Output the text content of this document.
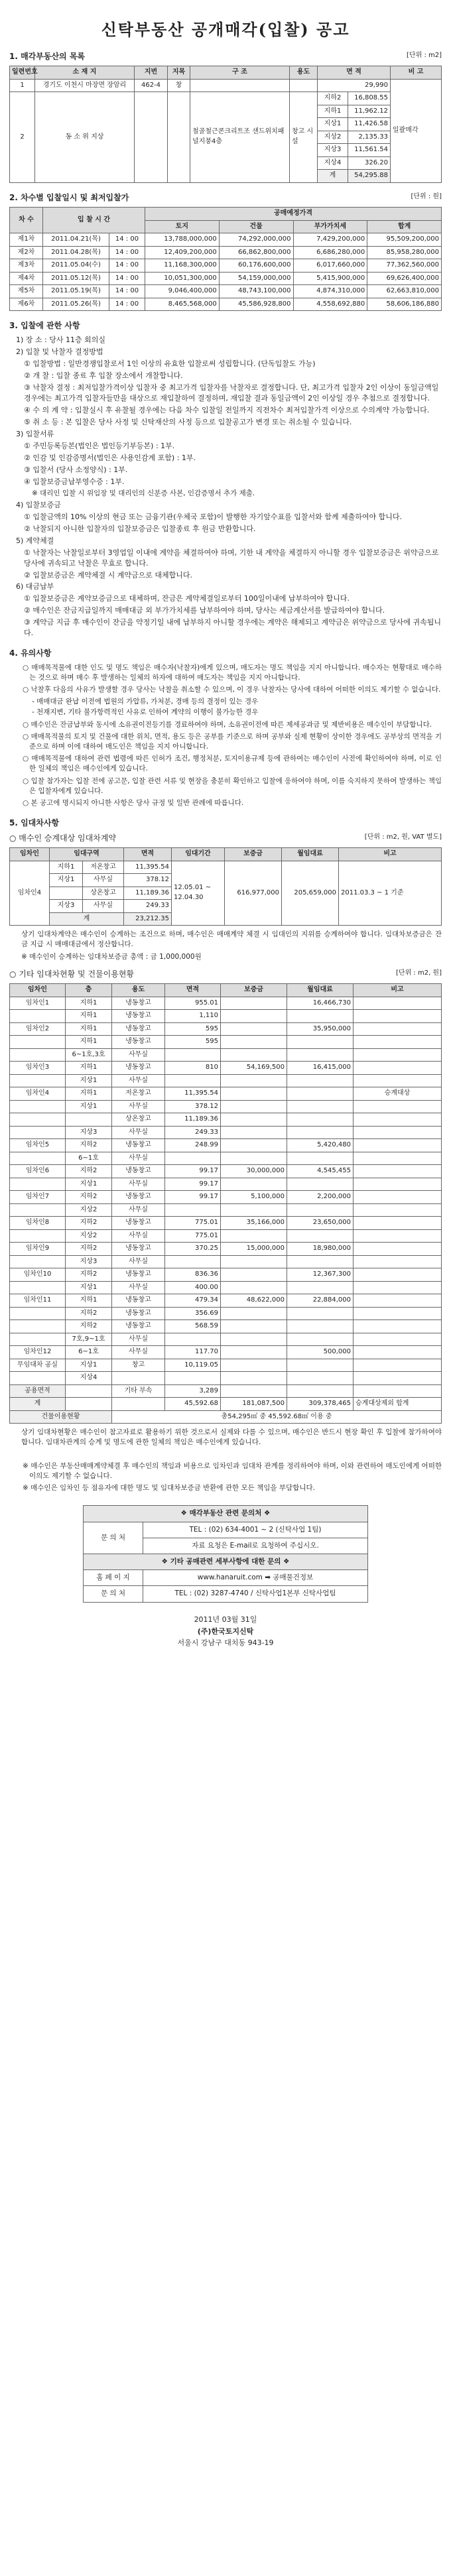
신탁부동산 공개매각(입찰) 공고
1. 매각부동산의 목록	[단위 : m2]
일련번호	소 재 지	지번	지목	구 조	용도	면 적		비 고
1	경기도 이천시 마장면 장암리	462-4	창			29,990		일괄매각
2	동 소 위 지상			철골철근콘크리트조 샌드위치패널지붕4층	창고 시설	지하2	16,808.55	
						지하1	11,962.12	
						지상1	11,426.58	
						지상2	2,135.33	
						지상3	11,561.54	
						지상4	326.20	
						계	54,295.88	
2. 차수별 입찰일시 및 최저입찰가	[단위 : 원]
차 수	입 찰 시 간		공매예정가격			
			토지	건물	부가가치세	합계
제1차	2011.04.21(목)	14 : 00	13,788,000,000	74,292,000,000	7,429,200,000	95,509,200,000
제2차	2011.04.28(목)	14 : 00	12,409,200,000	66,862,800,000	6,686,280,000	85,958,280,000
제3차	2011.05.04(수)	14 : 00	11,168,300,000	60,176,600,000	6,017,660,000	77,362,560,000
제4차	2011.05.12(목)	14 : 00	10,051,300,000	54,159,000,000	5,415,900,000	69,626,400,000
제5차	2011.05.19(목)	14 : 00	9,046,400,000	48,743,100,000	4,874,310,000	62,663,810,000
제6차	2011.05.26(목)	14 : 00	8,465,568,000	45,586,928,800	4,558,692,880	58,606,186,880
3. 입찰에 관한 사항
1) 장 소 : 당사 11층 회의실
2) 입찰 및 낙찰자 결정방법
① 입찰방법 : 일반경쟁입찰로서 1인 이상의 유효한 입찰로써 성립합니다. (단독입찰도 가능)
② 개 찰 : 입찰 종료 후 입찰 장소에서 개찰합니다.
③ 낙찰자 결정 : 최저입찰가격이상 입찰자 중 최고가격 입찰자를 낙찰자로 결정합니다. 단, 최고가격 입찰자 2인 이상이 동일금액일 경우에는 최고가격 입찰자들만을 대상으로 재입찰하여 결정하며, 재입찰 결과 동일금액이 2인 이상일 경우 추첨으로 결정합니다.
④ 수 의 계 약 : 입찰실시 후 유찰될 경우에는 다음 차수 입찰일 전일까지 직전차수 최저입찰가격 이상으로 수의계약 가능합니다.
⑤ 취 소 등 : 본 입찰은 당사 사정 및 신탁재산의 사정 등으로 입찰공고가 변경 또는 취소될 수 있습니다.
3) 입찰서류
① 주민등록등본(법인은 법인등기부등본) : 1부.
② 인감 및 인감증명서(법인은 사용인감계 포함) : 1부.
③ 입찰서 (당사 소정양식) : 1부.
④ 입찰보증금납부영수증 : 1부.
※ 대리인 입찰 시 위임장 및 대리인의 신분증 사본, 인감증명서 추가 제출.
4) 입찰보증금
① 입찰금액의 10% 이상의 현금 또는 금융기관(우체국 포함)이 발행한 자기앞수표를 입찰서와 함께 제출하여야 합니다.
② 낙찰되지 아니한 입찰자의 입찰보증금은 입찰종료 후 원금 반환합니다.
5) 계약체결
① 낙찰자는 낙찰일로부터 3영업일 이내에 계약을 체결하여야 하며, 기한 내 계약을 체결하지 아니할 경우 입찰보증금은 위약금으로 당사에 귀속되고 낙찰은 무효로 합니다.
② 입찰보증금은 계약체결 시 계약금으로 대체합니다.
6) 대금납부
① 입찰보증금은 계약보증금으로 대체하며, 잔금은 계약체결일로부터 100일이내에 납부하여야 합니다.
② 매수인은 잔금지급일까지 매매대금 외 부가가치세를 납부하여야 하며, 당사는 세금계산서를 발급하여야 합니다.
③ 계약금 지급 후 매수인이 잔금을 약정기일 내에 납부하지 아니할 경우에는 계약은 해제되고 계약금은 위약금으로 당사에 귀속됩니다.
4. 유의사항
○ 매매목적물에 대한 인도 및 명도 책임은 매수자(낙찰자)에게 있으며, 매도자는 명도 책임을 지지 아니합니다. 매수자는 현황대로 매수하는 것으로 하며 매수 후 발생하는 일체의 하자에 대하여 매도자는 책임을 지지 아니합니다.
○ 낙찰후 다음의 사유가 발생할 경우 당사는 낙찰을 취소할 수 있으며, 이 경우 낙찰자는 당사에 대하여 어떠한 이의도 제기할 수 없습니다.
- 매매대금 완납 이전에 법원의 가압류, 가처분, 경매 등의 결정이 있는 경우
- 천재지변, 기타 불가항력적인 사유로 인하여 계약의 이행이 불가능한 경우
○ 매수인은 잔금납부와 동시에 소유권이전등기를 경료하여야 하며, 소유권이전에 따른 제세공과금 및 제반비용은 매수인이 부담합니다.
○ 매매목적물의 토지 및 건물에 대한 위치, 면적, 용도 등은 공부를 기준으로 하며 공부와 실제 현황이 상이한 경우에도 공부상의 면적을 기준으로 하며 이에 대하여 매도인은 책임을 지지 아니합니다.
○ 매매목적물에 대하여 관련 법령에 따른 인허가 조건, 행정처분, 토지이용규제 등에 관하여는 매수인이 사전에 확인하여야 하며, 이로 인한 일체의 책임은 매수인에게 있습니다.
○ 입찰 참가자는 입찰 전에 공고문, 입찰 관련 서류 및 현장을 충분히 확인하고 입찰에 응하여야 하며, 이를 숙지하지 못하여 발생하는 책임은 입찰자에게 있습니다.
○ 본 공고에 명시되지 아니한 사항은 당사 규정 및 일반 관례에 따릅니다.
5. 임대차사항
○ 매수인 승계대상 임대차계약	[단위 : m2, 원, VAT 별도]
임차인	임대구역		면적	임대기간	보증금	월임대료	비고
임차인4	지하1	저온창고	11,395.54	12.05.01 ~ 12.04.30	616,977,000	205,659,000	2011.03.3 ~ 1 기준
	지상1	사무실	378.12				
		상온창고	11,189.36				
	지상3	사무실	249.33				
	계		23,212.35				
상기 임대차계약은 매수인이 승계하는 조건으로 하며, 매수인은 매매계약 체결 시 임대인의 지위를 승계하여야 합니다. 임대차보증금은 잔금 지급 시 매매대금에서 정산합니다.
※ 매수인이 승계하는 임대차보증금 총액 : 금 1,000,000원
○ 기타 임대차현황 및 건물이용현황	[단위 : m2, 원]
임차인	층	용도	면적	보증금	월임대료	비고
임차인1	지하1	냉동창고	955.01		16,466,730	
	지하1	냉동창고	1,110			
임차인2	지하1	냉동창고	595		35,950,000	
	지하1	냉동창고	595			
	6~1호,3호	사무실				
임차인3	지하1	냉동창고	810	54,169,500	16,415,000	
	지상1	사무실				
임차인4	지하1	저온창고	11,395.54			승계대상
	지상1	사무실	378.12			
		상온창고	11,189.36			
	지상3	사무실	249.33			
임차인5	지하2	냉동창고	248.99		5,420,480	
	6~1호	사무실				
임차인6	지하2	냉동창고	99.17	30,000,000	4,545,455	
	지상1	사무실	99.17			
임차인7	지하2	냉동창고	99.17	5,100,000	2,200,000	
	지상2	사무실				
임차인8	지하2	냉동창고	775.01	35,166,000	23,650,000	
	지상2	사무실	775.01			
임차인9	지하2	냉동창고	370.25	15,000,000	18,980,000	
	지상3	사무실				
임차인10	지하2	냉동창고	836.36		12,367,300	
	지상1	사무실	400.00			
임차인11	지하1	냉동창고	479.34	48,622,000	22,884,000	
	지하2	냉동창고	356.69			
	지하2	냉동창고	568.59			
	7호,9~1호	사무실				
임차인12	6~1호	사무실	117.70		500,000	
무임대차 공실	지상1	창고	10,119.05			
	지상4					
공용면적		기타 부속	3,289			
계			45,592.68	181,087,500	309,378,465	승계대상제외 합계
건물이용현황		총54,295㎡ 중 45,592.68㎡ 이용 중				
상기 임대차현황은 매수인이 참고자료로 활용하기 위한 것으로서 실제와 다를 수 있으며, 매수인은 반드시 현장 확인 후 입찰에 참가하여야 합니다. 임대차관계의 승계 및 명도에 관한 일체의 책임은 매수인에게 있습니다.
※ 매수인은 부동산매매계약체결 후 매수인의 책임과 비용으로 임차인과 임대차 관계를 정리하여야 하며, 이와 관련하여 매도인에게 어떠한 이의도 제기할 수 없습니다.
※ 매수인은 임차인 등 점유자에 대한 명도 및 임대차보증금 반환에 관한 모든 책임을 부담합니다.
❖ 매각부동산 관련 문의처 ❖	
문 의 처	TEL : (02) 634-4001 ~ 2 (신탁사업 1팀)
	자료 요청은 E-mail로 요청하여 주십시오.
❖ 기타 공매관련 세부사항에 대한 문의 ❖	
홈 페 이 지	www.hanaruit.com ➡ 공매물건정보
문 의 처	TEL : (02) 3287-4740 / 신탁사업1본부 신탁사업팀
2011년 03월 31일
(주)한국토지신탁
서울시 강남구 대치동 943-19
